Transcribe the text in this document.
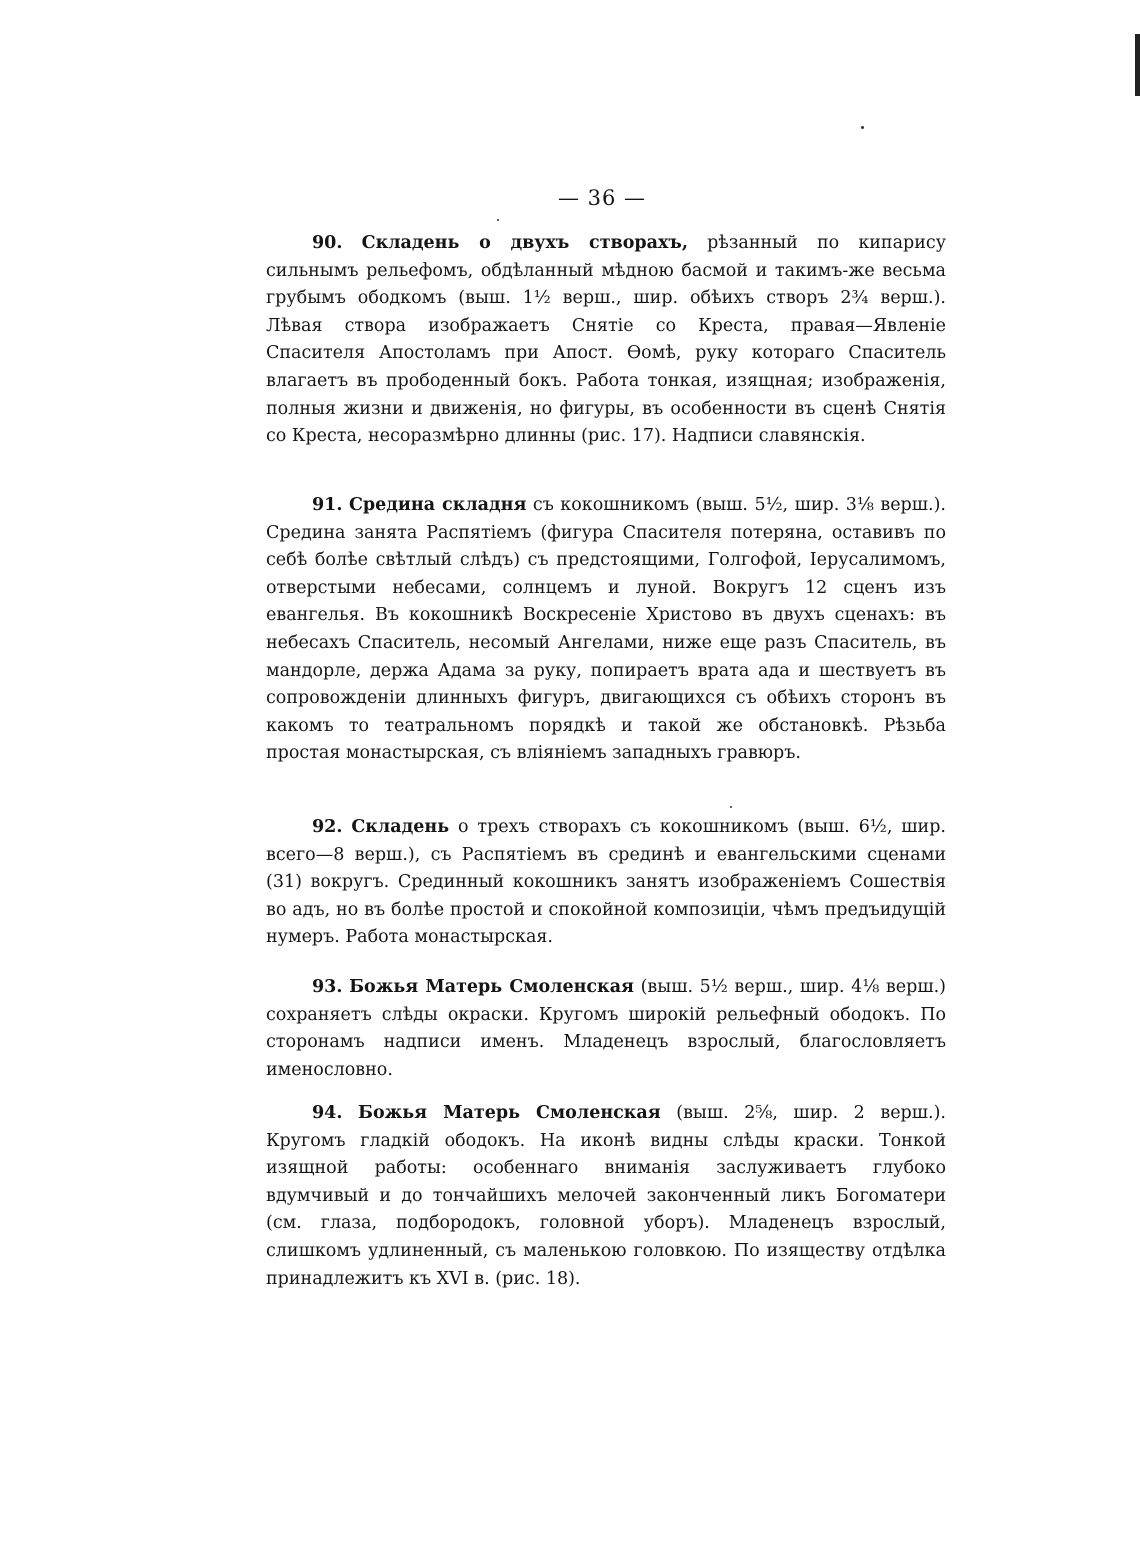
— 36 —

90. Складень о двухъ створахъ, рѣзанный по кипарису сильнымъ рельефомъ, обдѣланный мѣдною басмой и такимъ-же весьма грубымъ ободкомъ (выш. 1½ верш., шир. обѣихъ створъ 2¾ верш.). Лѣвая створа изображаетъ Снятіе со Креста, правая—Явленіе Спасителя Апостоламъ при Апост. Ѳомѣ, руку котораго Спаситель влагаетъ въ прободенный бокъ. Работа тонкая, изящная; изображенія, полныя жизни и движенія, но фигуры, въ особенности въ сценѣ Снятія со Креста, несоразмѣрно длинны (рис. 17). Надписи славянскія.

91. Средина складня съ кокошникомъ (выш. 5½, шир. 3⅛ верш.). Средина занята Распятіемъ (фигура Спасителя потеряна, оставивъ по себѣ болѣе свѣтлый слѣдъ) съ предстоящими, Голгофой, Іерусалимомъ, отверстыми небесами, солнцемъ и луной. Вокругъ 12 сценъ изъ евангелья. Въ кокошникѣ Воскресеніе Христово въ двухъ сценахъ: въ небесахъ Спаситель, несомый Ангелами, ниже еще разъ Спаситель, въ мандорле, держа Адама за руку, попираетъ врата ада и шествуетъ въ сопровожденіи длинныхъ фигуръ, двигающихся съ обѣихъ сторонъ въ какомъ то театральномъ порядкѣ и такой же обстановкѣ. Рѣзьба простая монастырская, съ вліяніемъ западныхъ гравюръ.

92. Складень о трехъ створахъ съ кокошникомъ (выш. 6½, шир. всего—8 верш.), съ Распятіемъ въ срединѣ и евангельскими сценами (31) вокругъ. Срединный кокошникъ занятъ изображеніемъ Сошествія во адъ, но въ болѣе простой и спокойной композиціи, чѣмъ предъидущій нумеръ. Работа монастырская.

93. Божья Матерь Смоленская (выш. 5½ верш., шир. 4⅛ верш.) сохраняетъ слѣды окраски. Кругомъ широкій рельефный ободокъ. По сторонамъ надписи именъ. Младенецъ взрослый, благословляетъ именословно.

94. Божья Матерь Смоленская (выш. 2⅝, шир. 2 верш.). Кругомъ гладкій ободокъ. На иконѣ видны слѣды краски. Тонкой изящной работы: особеннаго вниманія заслуживаетъ глубоко вдумчивый и до тончайшихъ мелочей законченный ликъ Богоматери (см. глаза, подбородокъ, головной уборъ). Младенецъ взрослый, слишкомъ удлиненный, съ маленькою головкою. По изяществу отдѣлка принадлежитъ къ XVI в. (рис. 18).
